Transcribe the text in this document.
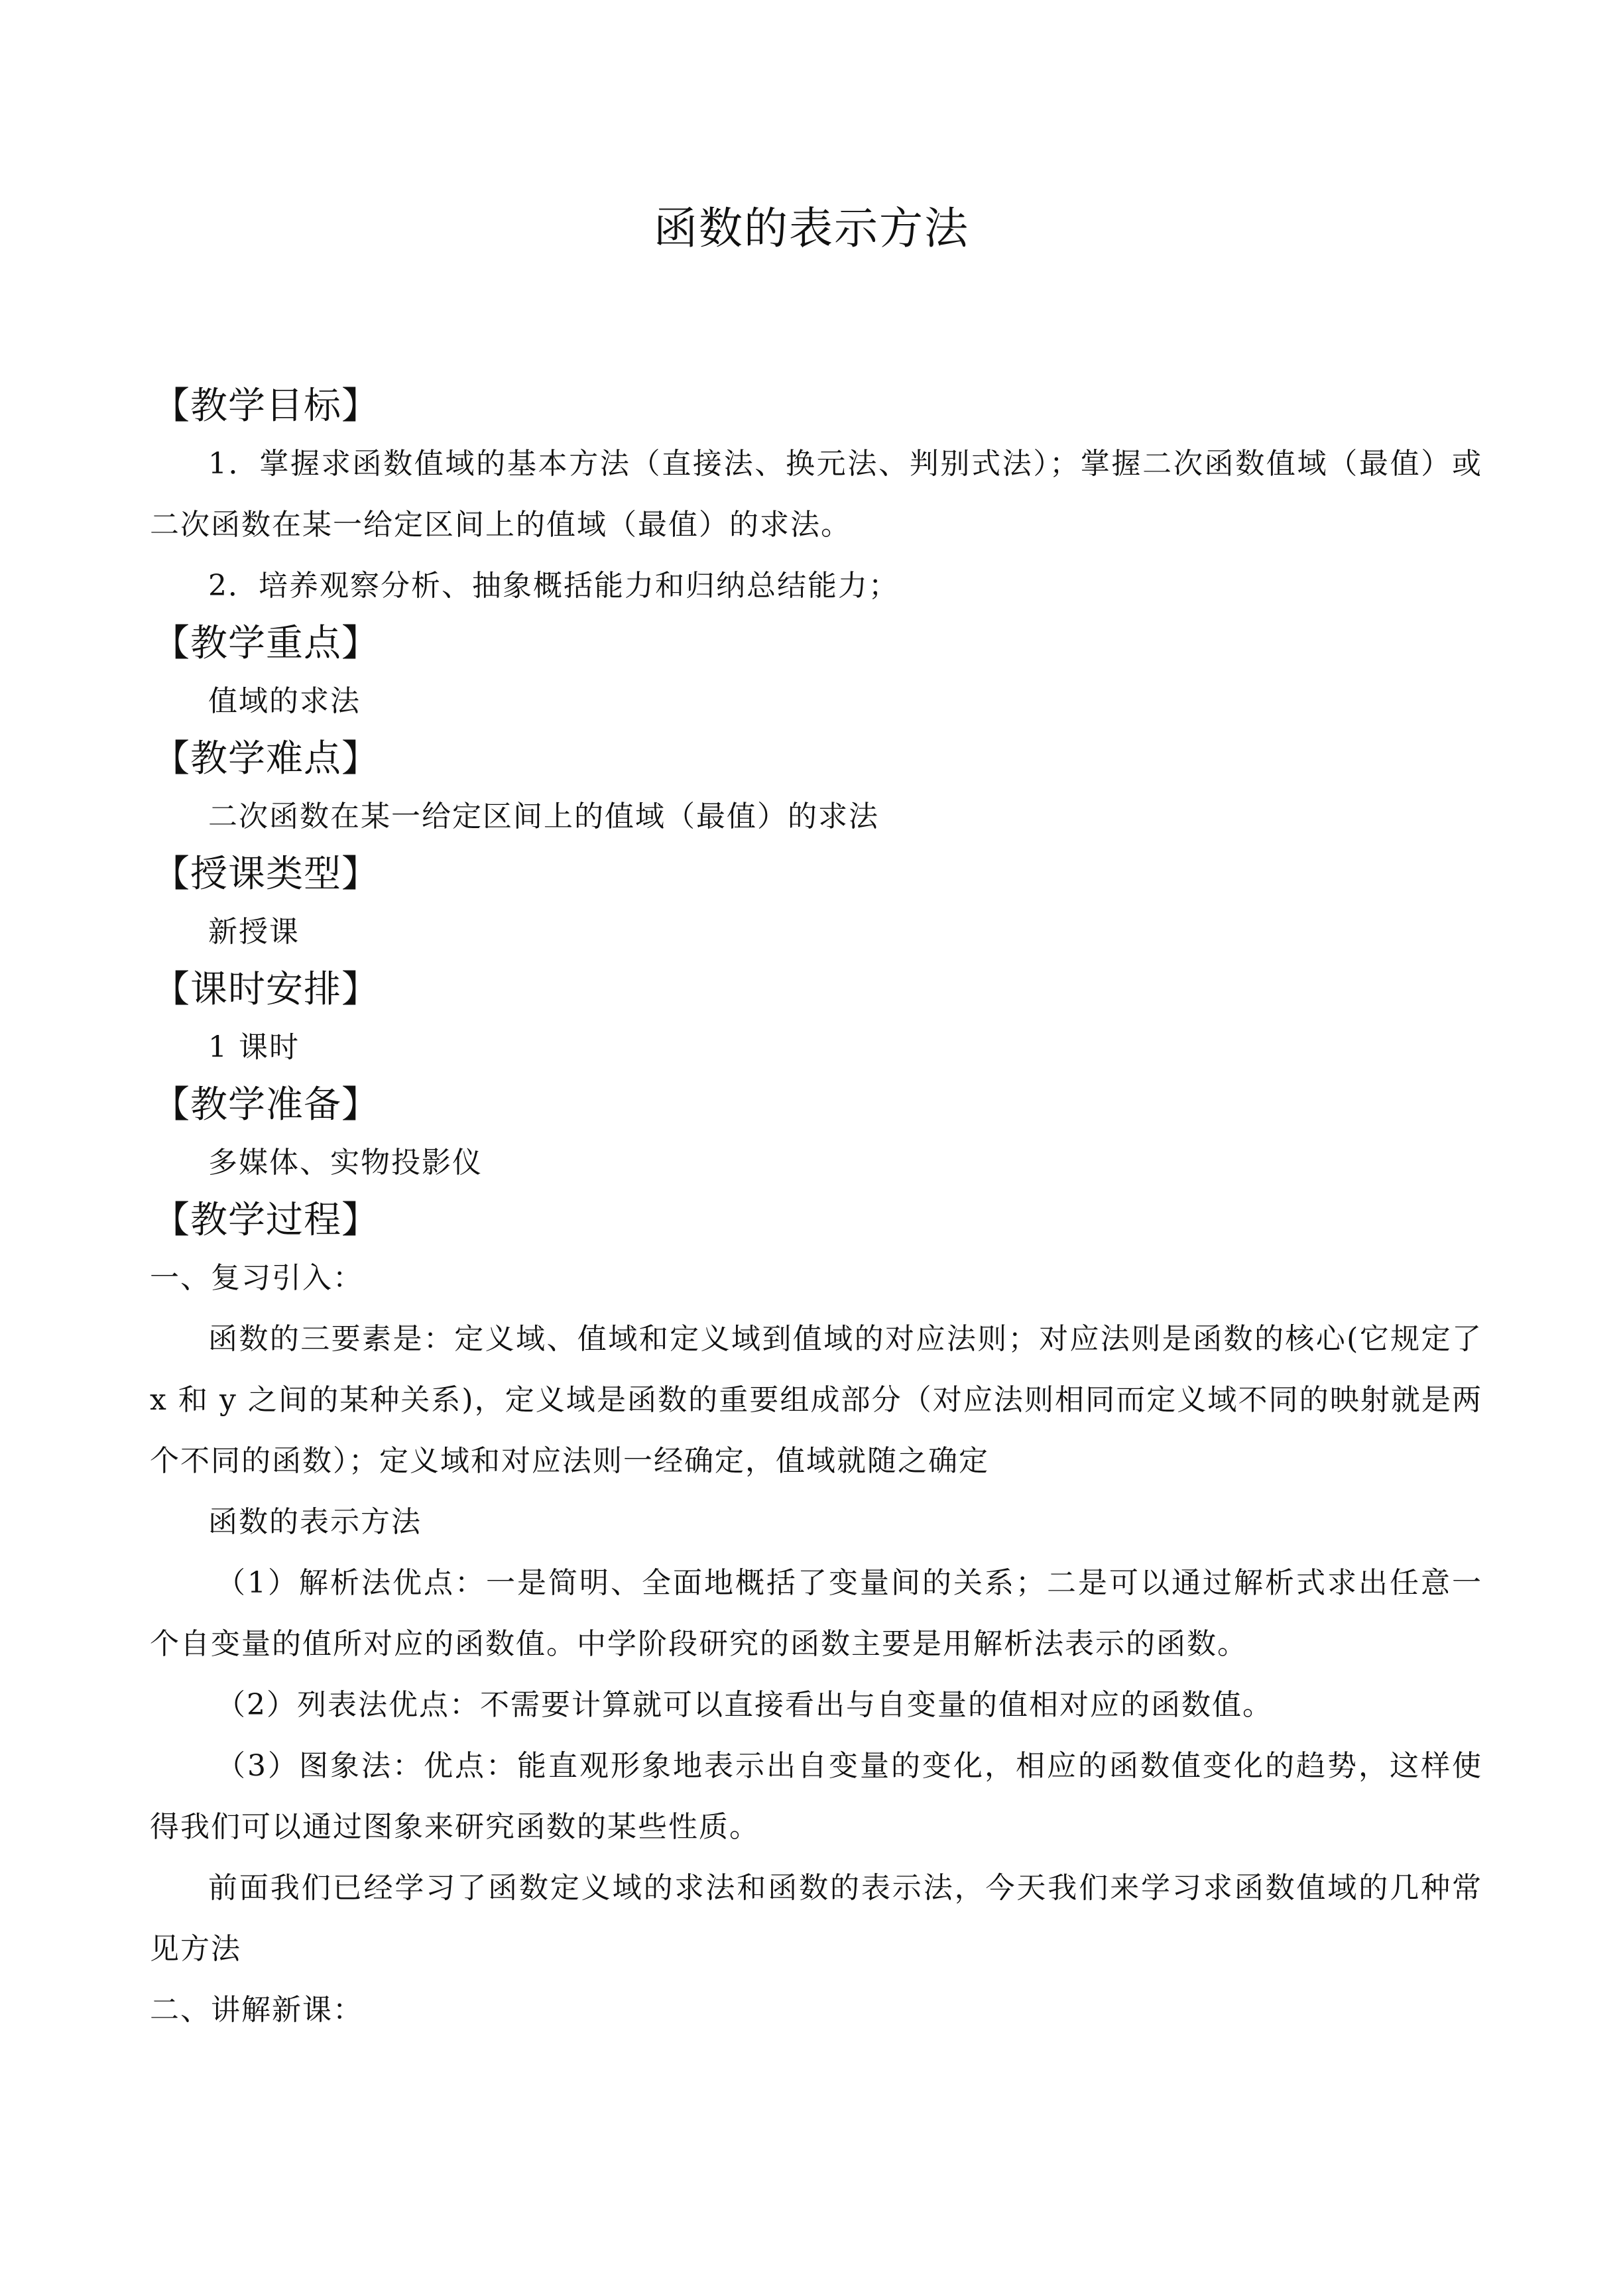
函数的表示方法
【教学目标】
1．掌握求函数值域的基本方法（直接法、换元法、判别式法）；掌握二次函数值域（最值）或二次函数在某一给定区间上的值域（最值）的求法。
2．培养观察分析、抽象概括能力和归纳总结能力；
【教学重点】
值域的求法
【教学难点】
二次函数在某一给定区间上的值域（最值）的求法
【授课类型】
新授课
【课时安排】
1 课时
【教学准备】
多媒体、实物投影仪
【教学过程】
一、复习引入：
函数的三要素是：定义域、值域和定义域到值域的对应法则；对应法则是函数的核心(它规定了 x 和 y 之间的某种关系)，定义域是函数的重要组成部分（对应法则相同而定义域不同的映射就是两个不同的函数）；定义域和对应法则一经确定，值域就随之确定
函数的表示方法
（1）解析法优点：一是简明、全面地概括了变量间的关系；二是可以通过解析式求出任意一个自变量的值所对应的函数值。中学阶段研究的函数主要是用解析法表示的函数。
（2）列表法优点：不需要计算就可以直接看出与自变量的值相对应的函数值。
（3）图象法：优点：能直观形象地表示出自变量的变化，相应的函数值变化的趋势，这样使得我们可以通过图象来研究函数的某些性质。
前面我们已经学习了函数定义域的求法和函数的表示法，今天我们来学习求函数值域的几种常见方法
二、讲解新课：
